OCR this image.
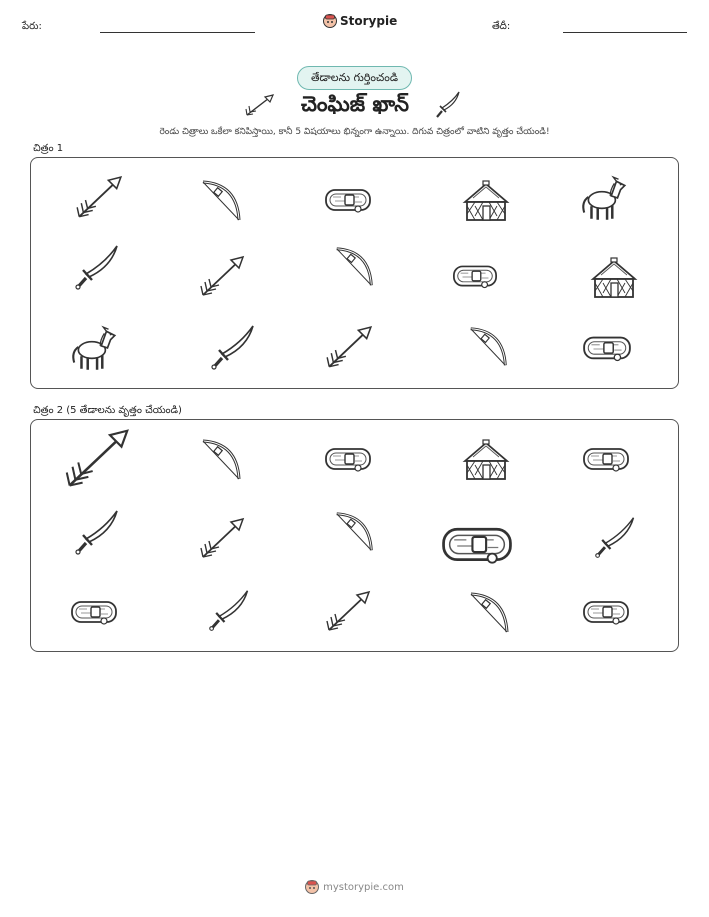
పేరు:	Storypie	తేదీ:
తేడాలను గుర్తించండి
చెంఘిజ్ ఖాన్
రెండు చిత్రాలు ఒకేలా కనిపిస్తాయి, కానీ 5 విషయాలు భిన్నంగా ఉన్నాయి. దిగువ చిత్రంలో వాటిని వృత్తం చేయండి!
చిత్రం 1
చిత్రం 2 (5 తేడాలను వృత్తం చేయండి)
mystorypie.com
